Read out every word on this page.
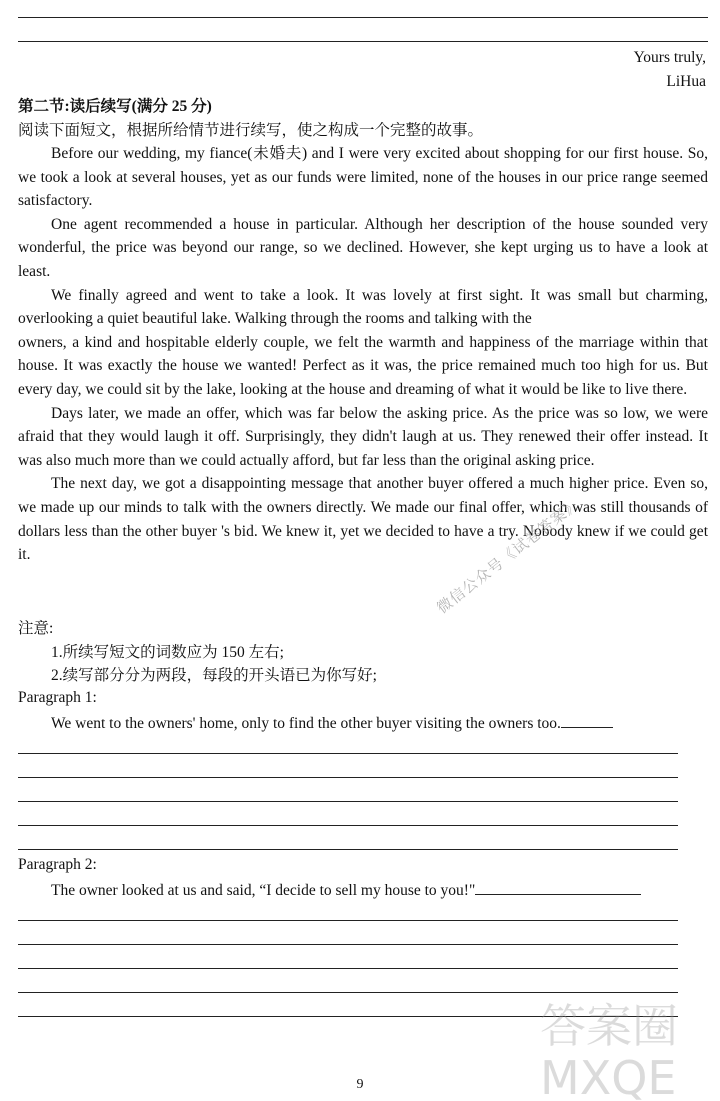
Yours truly,
LiHua
第二节:读后续写(满分 25 分)
阅读下面短文，根据所给情节进行续写，使之构成一个完整的故事。

Before our wedding, my fiance(未婚夫) and I were very excited about shopping for our first house. So, we took a look at several houses, yet as our funds were limited, none of the houses in our price range seemed satisfactory.

One agent recommended a house in particular. Although her description of the house sounded very wonderful, the price was beyond our range, so we declined. However, she kept urging us to have a look at least.

We finally agreed and went to take a look. It was lovely at first sight. It was small but charming, overlooking a quiet beautiful lake. Walking through the rooms and talking with the

owners, a kind and hospitable elderly couple, we felt the warmth and happiness of the marriage within that house. It was exactly the house we wanted! Perfect as it was, the price remained much too high for us. But every day, we could sit by the lake, looking at the house and dreaming of what it would be like to live there.

Days later, we made an offer, which was far below the asking price. As the price was so low, we were afraid that they would laugh it off. Surprisingly, they didn't laugh at us. They renewed their offer instead. It was also much more than we could actually afford, but far less than the original asking price.

The next day, we got a disappointing message that another buyer offered a much higher price. Even so, we made up our minds to talk with the owners directly. We made our final offer, which was still thousands of dollars less than the other buyer 's bid. We knew it, yet we decided to have a try. Nobody knew if we could get it.	微信公众号《试卷答案》
注意:
1.所续写短文的词数应为 150 左右;
2.续写部分分为两段，每段的开头语已为你写好;
Paragraph 1:
We went to the owners' home, only to find the other buyer visiting the owners too.
Paragraph 2:
The owner looked at us and said, “I decide to sell my house to you!"
答案圈
MXQE
9
